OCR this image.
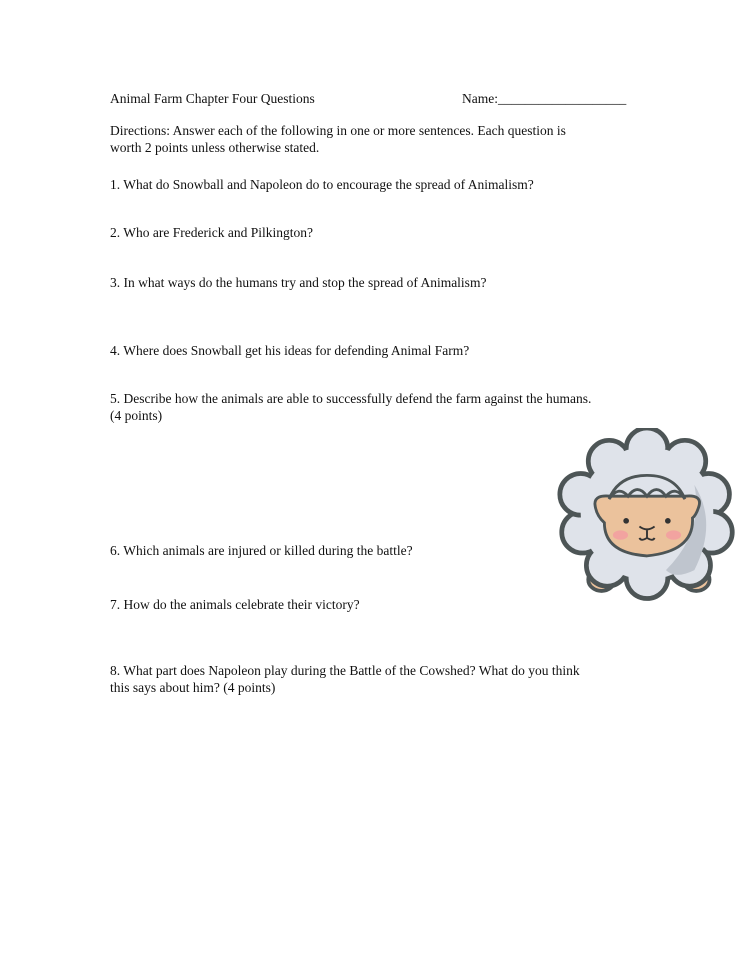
Animal Farm Chapter Four Questions	Name:___________________
Directions: Answer each of the following in one or more sentences. Each question is
worth 2 points unless otherwise stated.
1. What do Snowball and Napoleon do to encourage the spread of Animalism?
2. Who are Frederick and Pilkington?
3. In what ways do the humans try and stop the spread of Animalism?
4. Where does Snowball get his ideas for defending Animal Farm?
5. Describe how the animals are able to successfully defend the farm against the humans.
(4 points)
6. Which animals are injured or killed during the battle?
7. How do the animals celebrate their victory?
8. What part does Napoleon play during the Battle of the Cowshed? What do you think
this says about him? (4 points)
